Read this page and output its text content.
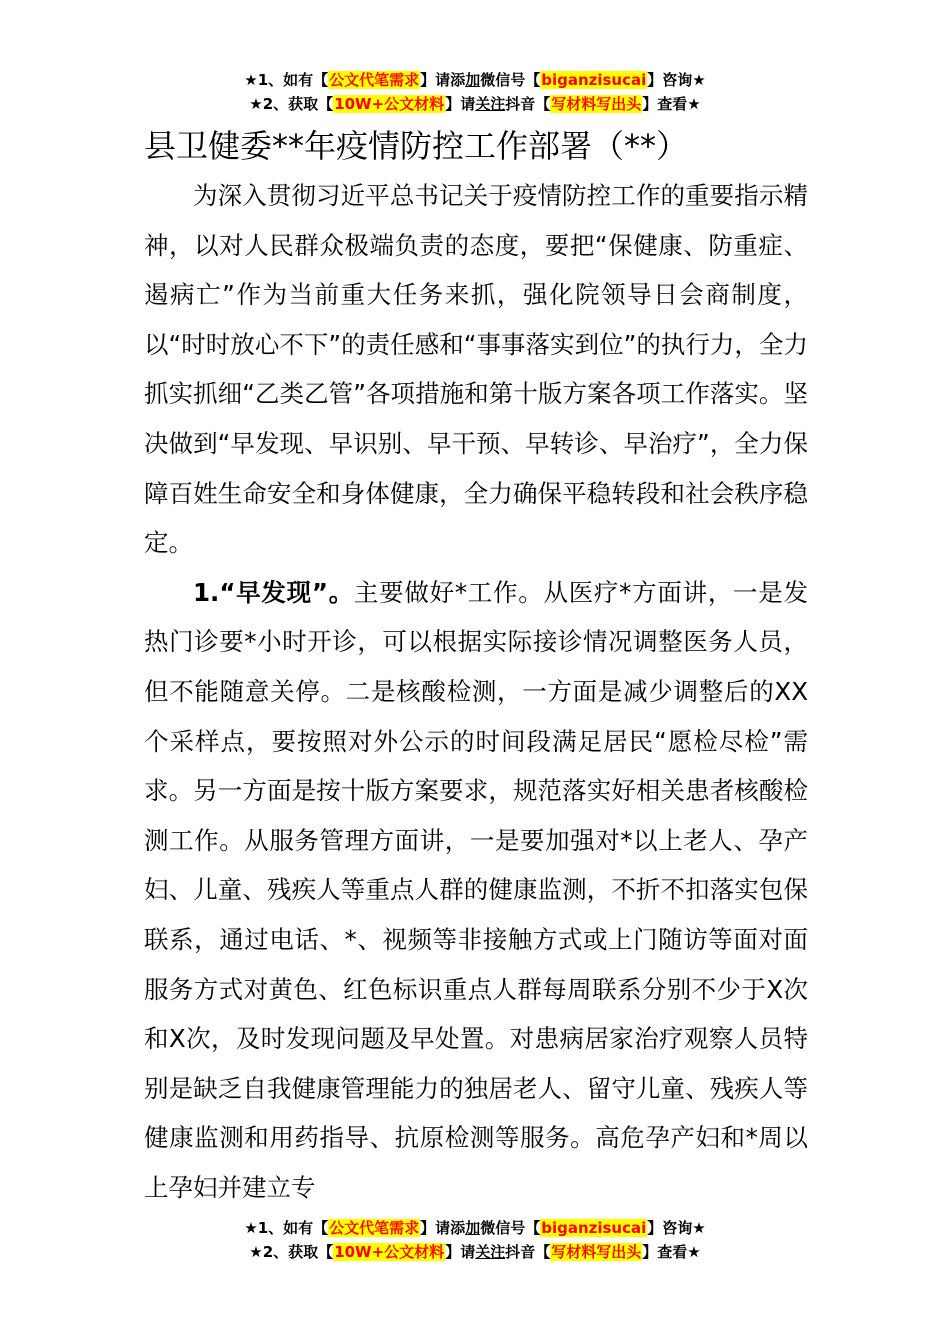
★1、如有【公文代笔需求】请添加微信号【biganzisucai】咨询★
★2、获取【10W+公文材料】请关注抖音【写材料写出头】查看★
县卫健委**年疫情防控工作部署（**）

为深入贯彻习近平总书记关于疫情防控工作的重要指示精神，以对人民群众极端负责的态度，要把“保健康、防重症、遏病亡”作为当前重大任务来抓，强化院领导日会商制度，以“时时放心不下”的责任感和“事事落实到位”的执行力，全力抓实抓细“乙类乙管”各项措施和第十版方案各项工作落实。坚决做到“早发现、早识别、早干预、早转诊、早治疗”，全力保障百姓生命安全和身体健康，全力确保平稳转段和社会秩序稳定。

1.“早发现”。主要做好*工作。从医疗*方面讲，一是发热门诊要*小时开诊，可以根据实际接诊情况调整医务人员，但不能随意关停。二是核酸检测，一方面是减少调整后的XX个采样点，要按照对外公示的时间段满足居民“愿检尽检”需求。另一方面是按十版方案要求，规范落实好相关患者核酸检测工作。从服务管理方面讲，一是要加强对*以上老人、孕产妇、儿童、残疾人等重点人群的健康监测，不折不扣落实包保联系，通过电话、*、视频等非接触方式或上门随访等面对面服务方式对黄色、红色标识重点人群每周联系分别不少于X次和X次，及时发现问题及早处置。对患病居家治疗观察人员特别是缺乏自我健康管理能力的独居老人、留守儿童、残疾人等健康监测和用药指导、抗原检测等服务。高危孕产妇和*周以上孕妇并建立专

★1、如有【公文代笔需求】请添加微信号【biganzisucai】咨询★
★2、获取【10W+公文材料】请关注抖音【写材料写出头】查看★
